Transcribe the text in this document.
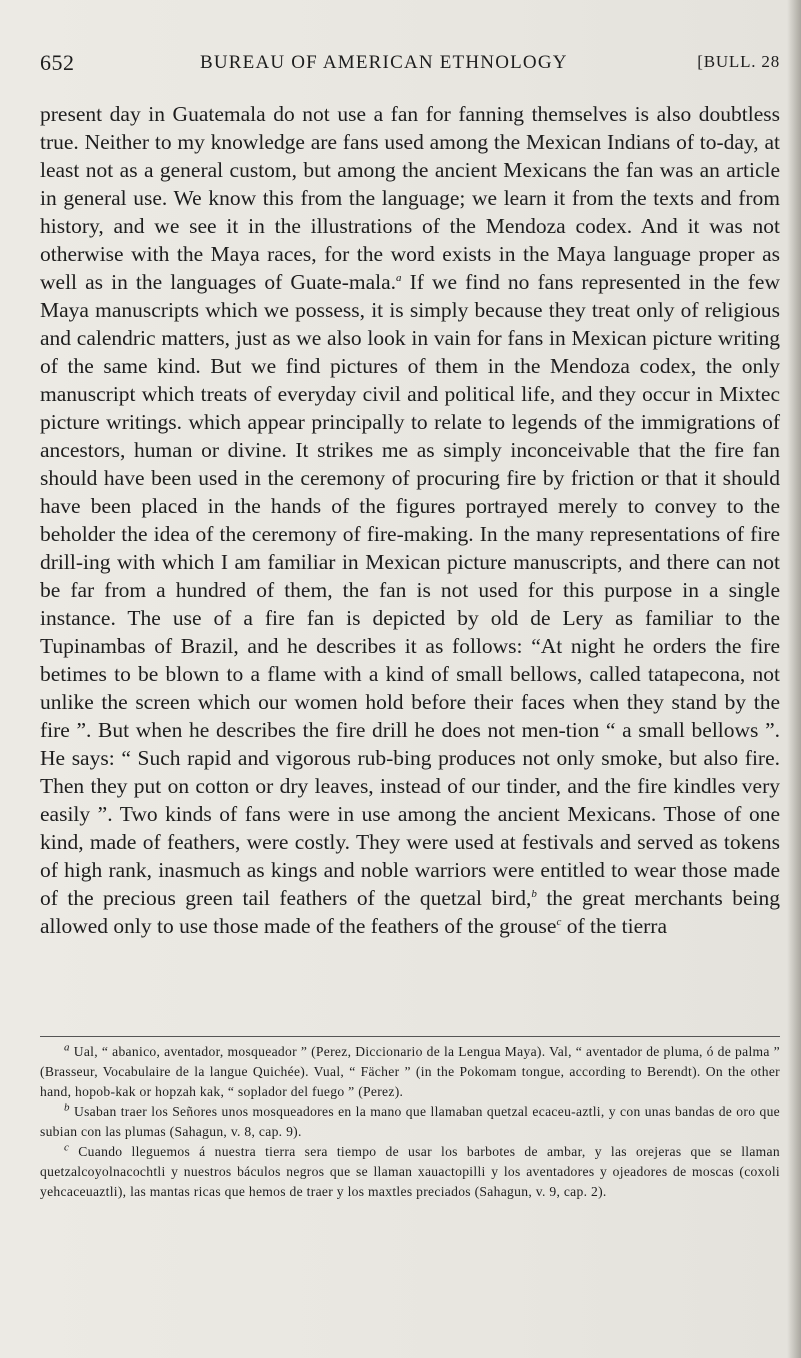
652	BUREAU OF AMERICAN ETHNOLOGY	[BULL. 28

present day in Guatemala do not use a fan for fanning themselves is also doubtless true. Neither to my knowledge are fans used among the Mexican Indians of to-day, at least not as a general custom, but among the ancient Mexicans the fan was an article in general use. We know this from the language; we learn it from the texts and from history, and we see it in the illustrations of the Mendoza codex. And it was not otherwise with the Maya races, for the word exists in the Maya language proper as well as in the languages of Guate-mala.$^a$ If we find no fans represented in the few Maya manuscripts which we possess, it is simply because they treat only of religious and calendric matters, just as we also look in vain for fans in Mexican picture writing of the same kind. But we find pictures of them in the Mendoza codex, the only manuscript which treats of everyday civil and political life, and they occur in Mixtec picture writings. which appear principally to relate to legends of the immigrations of ancestors, human or divine. It strikes me as simply inconceivable that the fire fan should have been used in the ceremony of procuring fire by friction or that it should have been placed in the hands of the figures portrayed merely to convey to the beholder the idea of the ceremony of fire-making. In the many representations of fire drill-ing with which I am familiar in Mexican picture manuscripts, and there can not be far from a hundred of them, the fan is not used for this purpose in a single instance. The use of a fire fan is depicted by old de Lery as familiar to the Tupinambas of Brazil, and he describes it as follows: “At night he orders the fire betimes to be blown to a flame with a kind of small bellows, called tatapecona, not unlike the screen which our women hold before their faces when they stand by the fire ”. But when he describes the fire drill he does not men-tion “ a small bellows ”. He says: “ Such rapid and vigorous rub-bing produces not only smoke, but also fire. Then they put on cotton or dry leaves, instead of our tinder, and the fire kindles very easily ”. Two kinds of fans were in use among the ancient Mexicans. Those of one kind, made of feathers, were costly. They were used at festivals and served as tokens of high rank, inasmuch as kings and noble warriors were entitled to wear those made of the precious green tail feathers of the quetzal bird,$^b$ the great merchants being allowed only to use those made of the feathers of the grouse$^c$ of the tierra

$^a$ Ual, “ abanico, aventador, mosqueador ” (Perez, Diccionario de la Lengua Maya). Val, “ aventador de pluma, ó de palma ” (Brasseur, Vocabulaire de la langue Quichée). Vual, “ Fächer ” (in the Pokomam tongue, according to Berendt). On the other hand, hopob-kak or hopzah kak, “ soplador del fuego ” (Perez).

$^b$ Usaban traer los Señores unos mosqueadores en la mano que llamaban quetzal ecaceu-aztli, y con unas bandas de oro que subian con las plumas (Sahagun, v. 8, cap. 9).

$^c$ Cuando lleguemos á nuestra tierra sera tiempo de usar los barbotes de ambar, y las orejeras que se llaman quetzalcoyolnacochtli y nuestros báculos negros que se llaman xauactopilli y los aventadores y ojeadores de moscas (coxoli yehcaceuaztli), las mantas ricas que hemos de traer y los maxtles preciados (Sahagun, v. 9, cap. 2).
